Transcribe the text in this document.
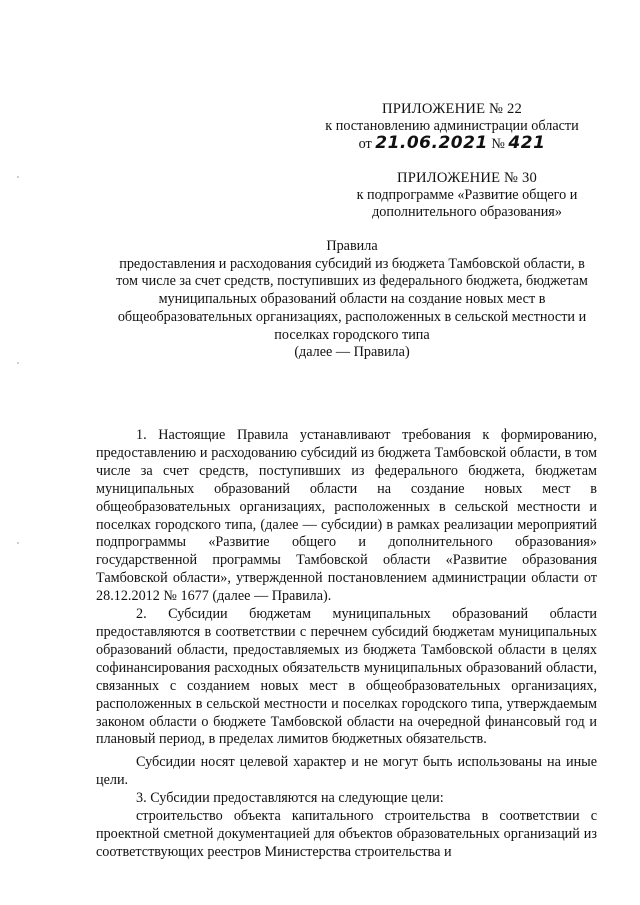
ПРИЛОЖЕНИЕ № 22
к постановлению администрации области
от 21.06.2021 № 421
ПРИЛОЖЕНИЕ № 30
к подпрограмме «Развитие общего и
дополнительного образования»
Правила
предоставления и расходования субсидий из бюджета Тамбовской области, в
том числе за счет средств, поступивших из федерального бюджета, бюджетам
муниципальных образований области на создание новых мест в
общеобразовательных организациях, расположенных в сельской местности и
поселках городского типа
(далее — Правила)

1. Настоящие Правила устанавливают требования к формированию, предоставлению и расходованию субсидий из бюджета Тамбовской области, в том числе за счет средств, поступивших из федерального бюджета, бюджетам муниципальных образований области на создание новых мест в общеобразовательных организациях, расположенных в сельской местности и поселках городского типа, (далее — субсидии) в рамках реализации мероприятий подпрограммы «Развитие общего и дополнительного образования» государственной программы Тамбовской области «Развитие образования Тамбовской области», утвержденной постановлением администрации области от 28.12.2012 № 1677 (далее — Правила).

2. Субсидии бюджетам муниципальных образований области предоставляются в соответствии с перечнем субсидий бюджетам муниципальных образований области, предоставляемых из бюджета Тамбовской области в целях софинансирования расходных обязательств муниципальных образований области, связанных с созданием новых мест в общеобразовательных организациях, расположенных в сельской местности и поселках городского типа, утверждаемым законом области о бюджете Тамбовской области на очередной финансовый год и плановый период, в пределах лимитов бюджетных обязательств.

Субсидии носят целевой характер и не могут быть использованы на иные цели.

3. Субсидии предоставляются на следующие цели:

строительство объекта капитального строительства в соответствии с проектной сметной документацией для объектов образовательных организаций из соответствующих реестров Министерства строительства и
